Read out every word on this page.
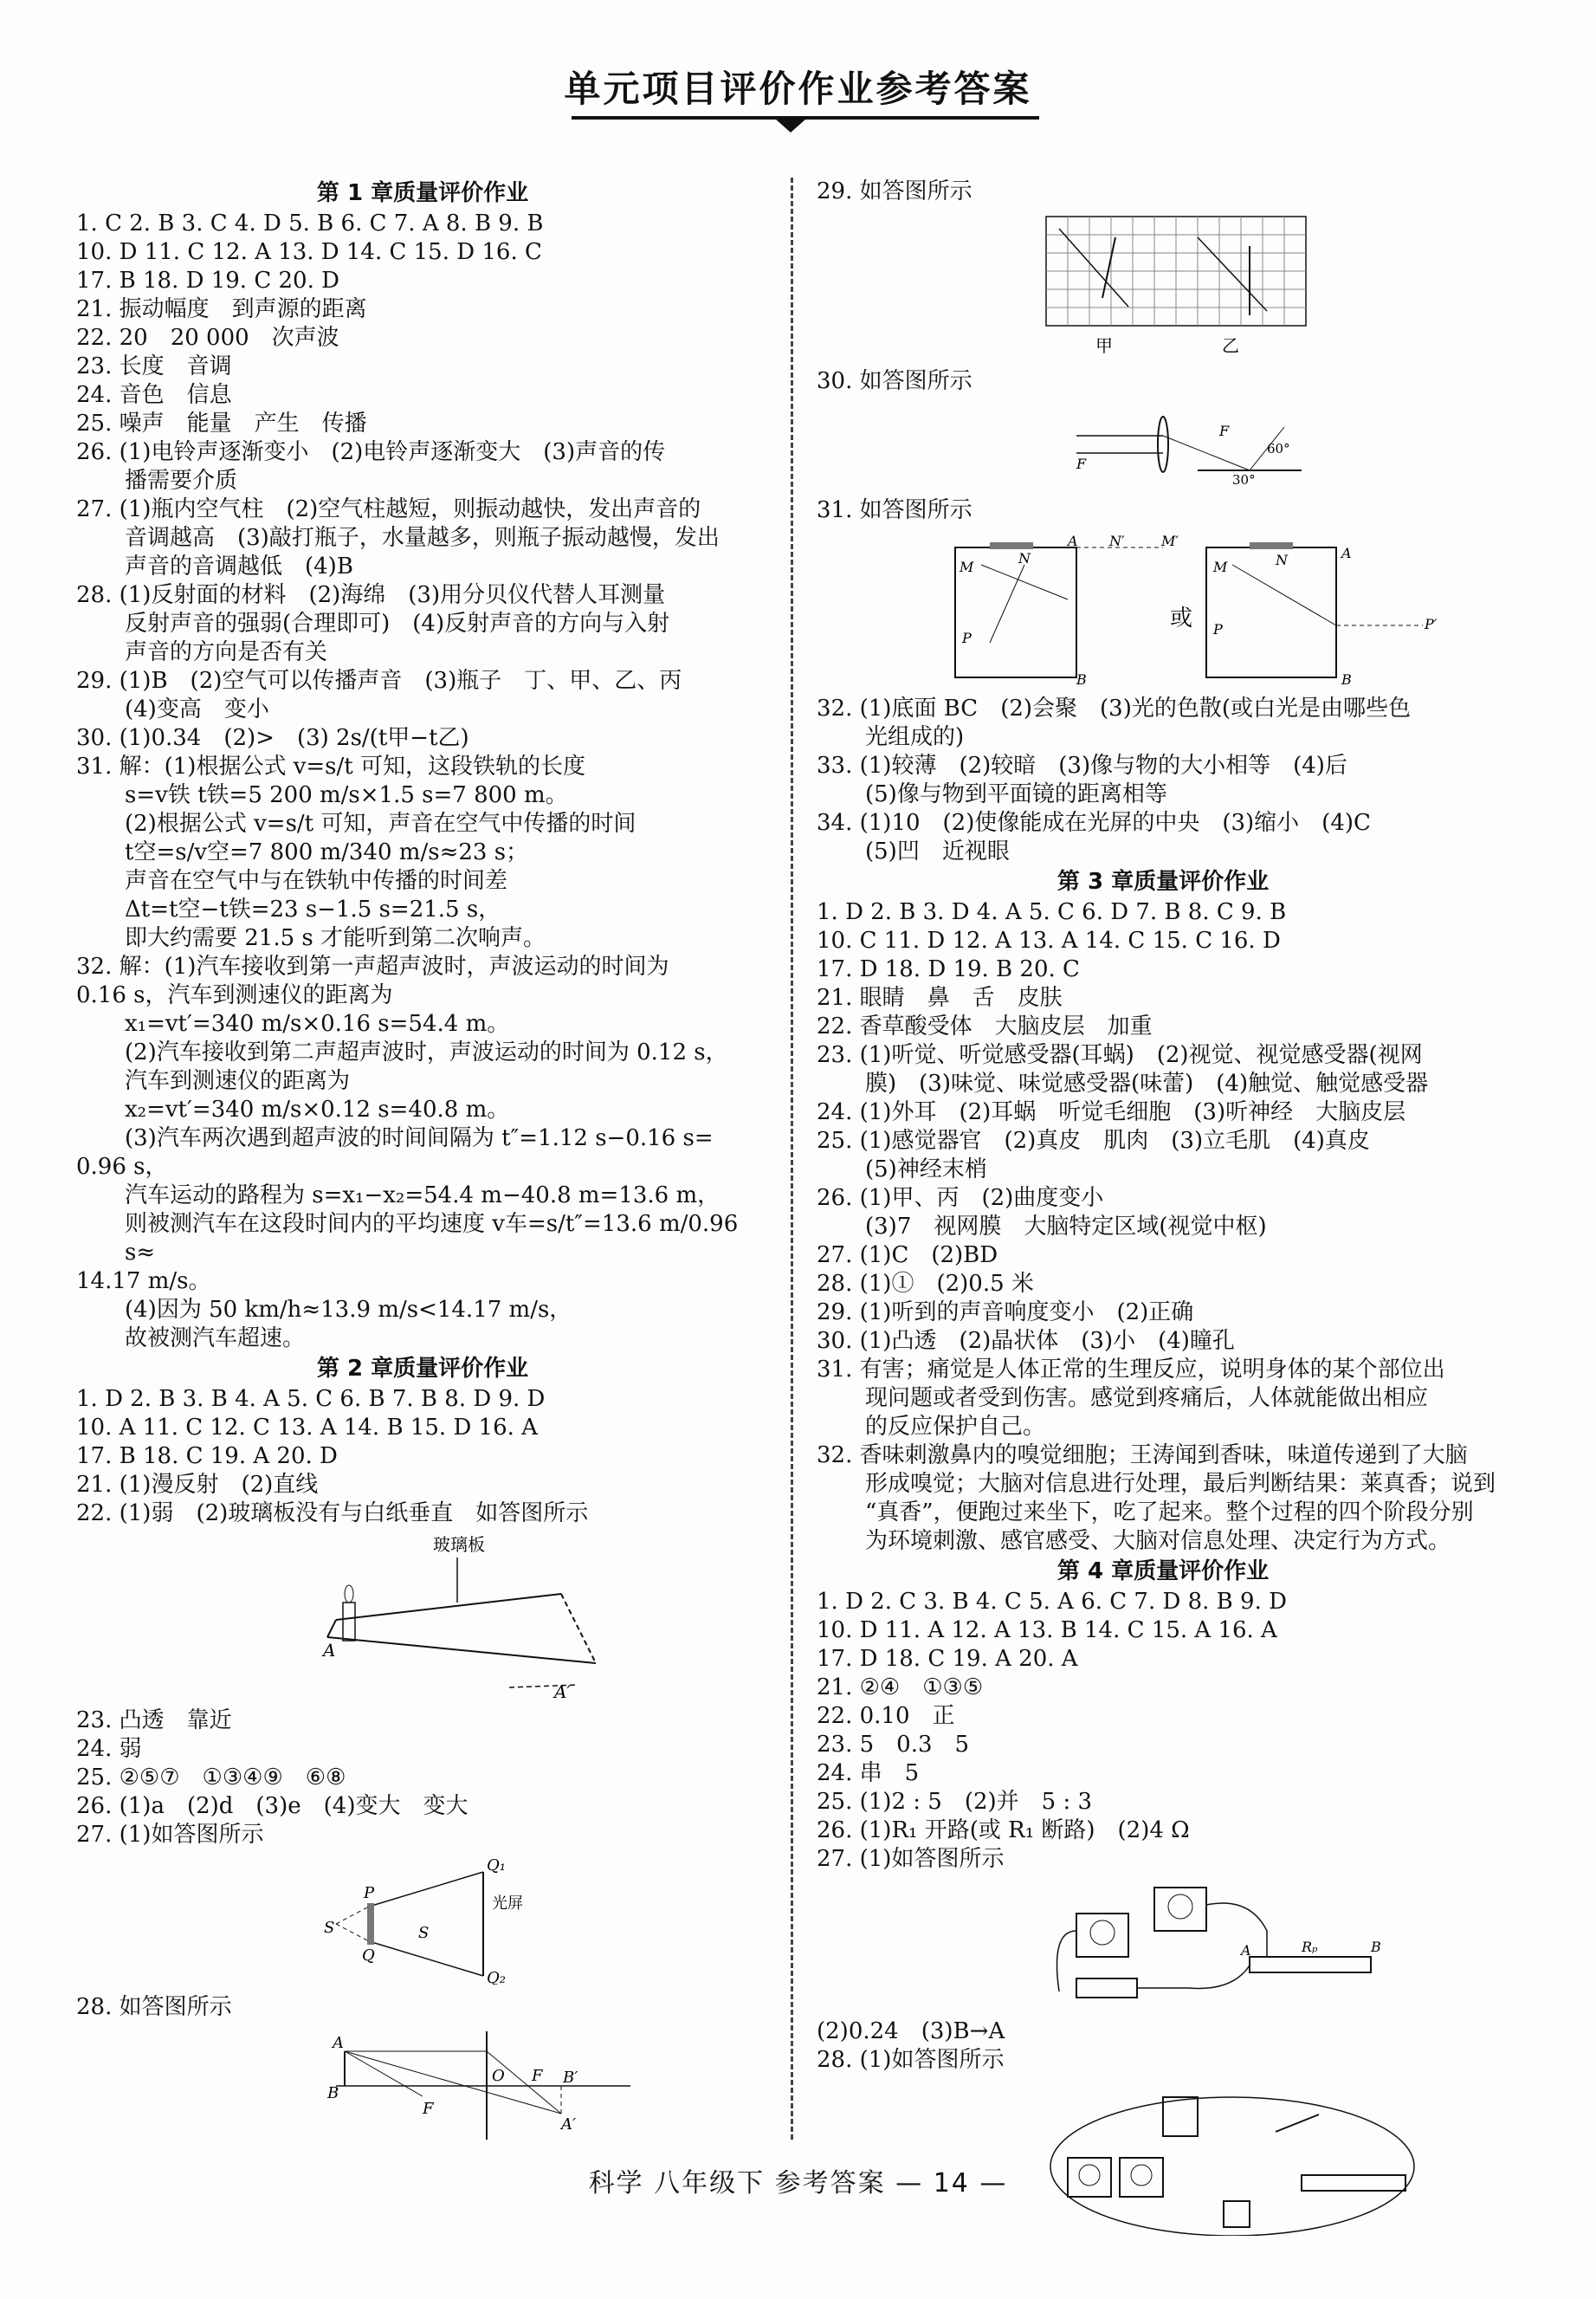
单元项目评价作业参考答案
第 1 章质量评价作业
1. C 2. B 3. C 4. D 5. B 6. C 7. A 8. B 9. B
10. D 11. C 12. A 13. D 14. C 15. D 16. C
17. B 18. D 19. C 20. D
21. 振动幅度　到声源的距离
22. 20　20 000　次声波
23. 长度　音调
24. 音色　信息
25. 噪声　能量　产生　传播
26. (1)电铃声逐渐变小　(2)电铃声逐渐变大　(3)声音的传
播需要介质
27. (1)瓶内空气柱　(2)空气柱越短，则振动越快，发出声音的
音调越高　(3)敲打瓶子，水量越多，则瓶子振动越慢，发出
声音的音调越低　(4)B
28. (1)反射面的材料　(2)海绵　(3)用分贝仪代替人耳测量
反射声音的强弱(合理即可)　(4)反射声音的方向与入射
声音的方向是否有关
29. (1)B　(2)空气可以传播声音　(3)瓶子　丁、甲、乙、丙
(4)变高　变小
30. (1)0.34　(2)>　(3) 2s/(t甲−t乙)
31. 解：(1)根据公式 v=s/t 可知，这段铁轨的长度
s=v铁 t铁=5 200 m/s×1.5 s=7 800 m。
(2)根据公式 v=s/t 可知，声音在空气中传播的时间
t空=s/v空=7 800 m/340 m/s≈23 s；
声音在空气中与在铁轨中传播的时间差
Δt=t空−t铁=23 s−1.5 s=21.5 s，
即大约需要 21.5 s 才能听到第二次响声。
32. 解：(1)汽车接收到第一声超声波时，声波运动的时间为
0.16 s，汽车到测速仪的距离为
x₁=vt′=340 m/s×0.16 s=54.4 m。
(2)汽车接收到第二声超声波时，声波运动的时间为 0.12 s，
汽车到测速仪的距离为
x₂=vt′=340 m/s×0.12 s=40.8 m。
(3)汽车两次遇到超声波的时间间隔为 t″=1.12 s−0.16 s=
0.96 s，
汽车运动的路程为 s=x₁−x₂=54.4 m−40.8 m=13.6 m，
则被测汽车在这段时间内的平均速度 v车=s/t″=13.6 m/0.96 s≈
14.17 m/s。
(4)因为 50 km/h≈13.9 m/s<14.17 m/s，
故被测汽车超速。
第 2 章质量评价作业
1. D 2. B 3. B 4. A 5. C 6. B 7. B 8. D 9. D
10. A 11. C 12. C 13. A 14. B 15. D 16. A
17. B 18. C 19. A 20. D
21. (1)漫反射　(2)直线
22. (1)弱　(2)玻璃板没有与白纸垂直　如答图所示
玻璃板
A
A′
23. 凸透　靠近
24. 弱
25. ②⑤⑦　①③④⑨　⑥⑧
26. (1)a　(2)d　(3)e　(4)变大　变大
27. (1)如答图所示
S	S
P
Q
Q₁
Q₂
光屏
28. 如答图所示
A
B
F
O F B′
A′
29. 如答图所示
甲	乙
30. 如答图所示
F
F
60°
30°
31. 如答图所示
M
N
P
A N′	M′
B
或
M	N
P	P′
A
B
32. (1)底面 BC　(2)会聚　(3)光的色散(或白光是由哪些色
光组成的)
33. (1)较薄　(2)较暗　(3)像与物的大小相等　(4)后
(5)像与物到平面镜的距离相等
34. (1)10　(2)使像能成在光屏的中央　(3)缩小　(4)C
(5)凹　近视眼
第 3 章质量评价作业
1. D 2. B 3. D 4. A 5. C 6. D 7. B 8. C 9. B
10. C 11. D 12. A 13. A 14. C 15. C 16. D
17. D 18. D 19. B 20. C
21. 眼睛　鼻　舌　皮肤
22. 香草酸受体　大脑皮层　加重
23. (1)听觉、听觉感受器(耳蜗)　(2)视觉、视觉感受器(视网
膜)　(3)味觉、味觉感受器(味蕾)　(4)触觉、触觉感受器
24. (1)外耳　(2)耳蜗　听觉毛细胞　(3)听神经　大脑皮层
25. (1)感觉器官　(2)真皮　肌肉　(3)立毛肌　(4)真皮
(5)神经末梢
26. (1)甲、丙　(2)曲度变小
(3)7　视网膜　大脑特定区域(视觉中枢)
27. (1)C　(2)BD
28. (1)①　(2)0.5 米
29. (1)听到的声音响度变小　(2)正确
30. (1)凸透　(2)晶状体　(3)小　(4)瞳孔
31. 有害；痛觉是人体正常的生理反应，说明身体的某个部位出
现问题或者受到伤害。感觉到疼痛后，人体就能做出相应
的反应保护自己。
32. 香味刺激鼻内的嗅觉细胞；王涛闻到香味，味道传递到了大脑
形成嗅觉；大脑对信息进行处理，最后判断结果：莱真香；说到
“真香”，便跑过来坐下，吃了起来。整个过程的四个阶段分别
为环境刺激、感官感受、大脑对信息处理、决定行为方式。
第 4 章质量评价作业
1. D 2. C 3. B 4. C 5. A 6. C 7. D 8. B 9. D
10. D 11. A 12. A 13. B 14. C 15. A 16. A
17. D 18. C 19. A 20. A
21. ②④　①③⑤
22. 0.10　正
23. 5　0.3　5
24. 串　5
25. (1)2 : 5　(2)并　5 : 3
26. (1)R₁ 开路(或 R₁ 断路)　(2)4 Ω
27. (1)如答图所示
A	Rₚ	B
(2)0.24　(3)B→A
28. (1)如答图所示
科学 八年级下 参考答案 — 14 —
